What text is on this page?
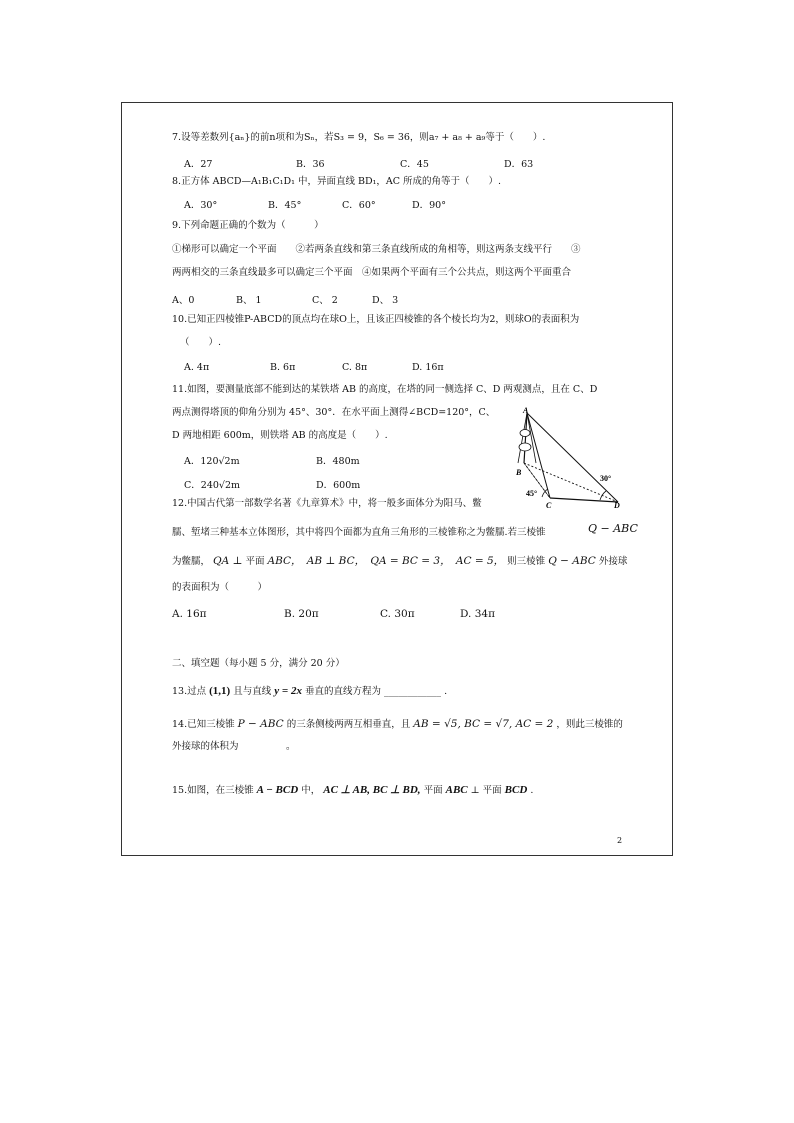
7.设等差数列{aₙ}的前n项和为Sₙ，若S₃ = 9，S₆ = 36，则a₇ + a₈ + a₉等于（　　）.
A．27	B．36	C．45	D．63
8.正方体 ABCD—A₁B₁C₁D₁ 中，异面直线 BD₁，AC 所成的角等于（　　）.
A．30°	B．45°	C．60°	D．90°
9.下列命题正确的个数为（　　　）
①梯形可以确定一个平面　　②若两条直线和第三条直线所成的角相等，则这两条支线平行　　③
两两相交的三条直线最多可以确定三个平面　④如果两个平面有三个公共点，则这两个平面重合
A、0	B、 1	C、 2	D、 3
10.已知正四棱锥P-ABCD的顶点均在球O上，且该正四棱锥的各个棱长均为2，则球O的表面积为
（　　）.
A. 4π	B. 6π	C. 8π	D. 16π
11.如图，要测量底部不能到达的某铁塔 AB 的高度，在塔的同一侧选择 C、D 两观测点，且在 C、D
两点测得塔顶的仰角分别为 45°、30°．在水平面上测得∠BCD=120°，C、
D 两地相距 600m，则铁塔 AB 的高度是（　　）.
A．120√2m	B．480m
C．240√2m	D．600m
A
B
C	D
30°
45°
12.中国古代第一部数学名著《九章算术》中，将一般多面体分为阳马、鳖
臑、堑堵三种基本立体图形，其中将四个面都为直角三角形的三棱锥称之为鳖臑.若三棱锥	Q − ABC
为鳖臑， QA ⊥ 平面 ABC，　AB ⊥ BC，　QA = BC = 3，　AC = 5， 则三棱锥 Q − ABC 外接球
的表面积为（　　　）
A. 16π	B. 20π	C. 30π	D. 34π
二、填空题（每小题 5 分，满分 20 分）
13.过点 (1,1) 且与直线 y = 2x 垂直的直线方程为 ____________ .
14.已知三棱锥 P − ABC 的三条侧棱两两互相垂直，且 AB = √5, BC = √7, AC = 2 ，则此三棱锥的
外接球的体积为　　　　　。
15.如图，在三棱锥 A − BCD 中， AC ⊥ AB, BC ⊥ BD, 平面 ABC ⊥ 平面 BCD .
2
